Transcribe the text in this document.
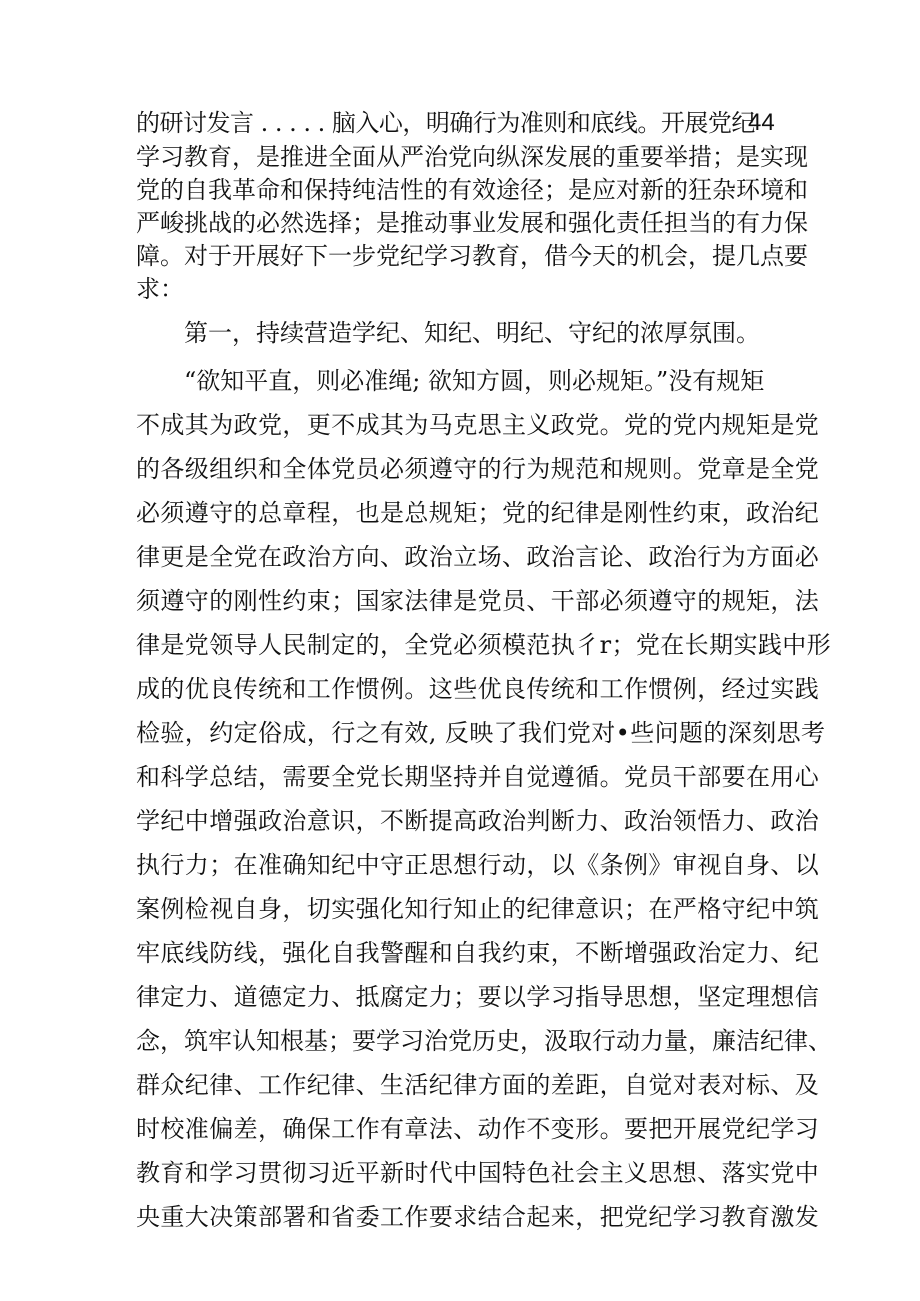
44

的研讨发言 . . . . . 脑入心，明确行为准则和底线。开展党纪

学习教育，是推进全面从严治党向纵深发展的重要举措；是实现

党的自我革命和保持纯洁性的有效途径；是应对新的狂杂环境和

严峻挑战的必然选择；是推动事业发展和强化责任担当的有力保

障。对于开展好下一步党纪学习教育，借今天的机会，提几点要

求：

第一，持续营造学纪、知纪、明纪、守纪的浓厚氛围。

“欲知平直，则必准绳; 欲知方圆，则必规矩。”没有规矩

不成其为政党，更不成其为马克思主义政党。党的党内规矩是党

的各级组织和全体党员必须遵守的行为规范和规则。党章是全党

必须遵守的总章程，也是总规矩；党的纪律是刚性约束，政治纪

律更是全党在政治方向、政治立场、政治言论、政治行为方面必

须遵守的刚性约束；国家法律是党员、干部必须遵守的规矩，法

律是党领导人民制定的，全党必须模范执彳r；党在长期实践中形

成的优良传统和工作惯例。这些优良传统和工作惯例，经过实践

检验，约定俗成，行之有效, 反映了我们党对•些问题的深刻思考

和科学总结，需要全党长期坚持并自觉遵循。党员干部要在用心

学纪中增强政治意识，不断提高政治判断力、政治领悟力、政治

执行力；在准确知纪中守正思想行动，以《条例》审视自身、以

案例检视自身，切实强化知行知止的纪律意识；在严格守纪中筑

牢底线防线，强化自我警醒和自我约束，不断增强政治定力、纪

律定力、道德定力、抵腐定力；要以学习指导思想，坚定理想信

念，筑牢认知根基；要学习治党历史，汲取行动力量，廉洁纪律、

群众纪律、工作纪律、生活纪律方面的差距，自觉对表对标、及

时校准偏差，确保工作有章法、动作不变形。要把开展党纪学习

教育和学习贯彻习近平新时代中国特色社会主义思想、落实党中

央重大决策部署和省委工作要求结合起来，把党纪学习教育激发
